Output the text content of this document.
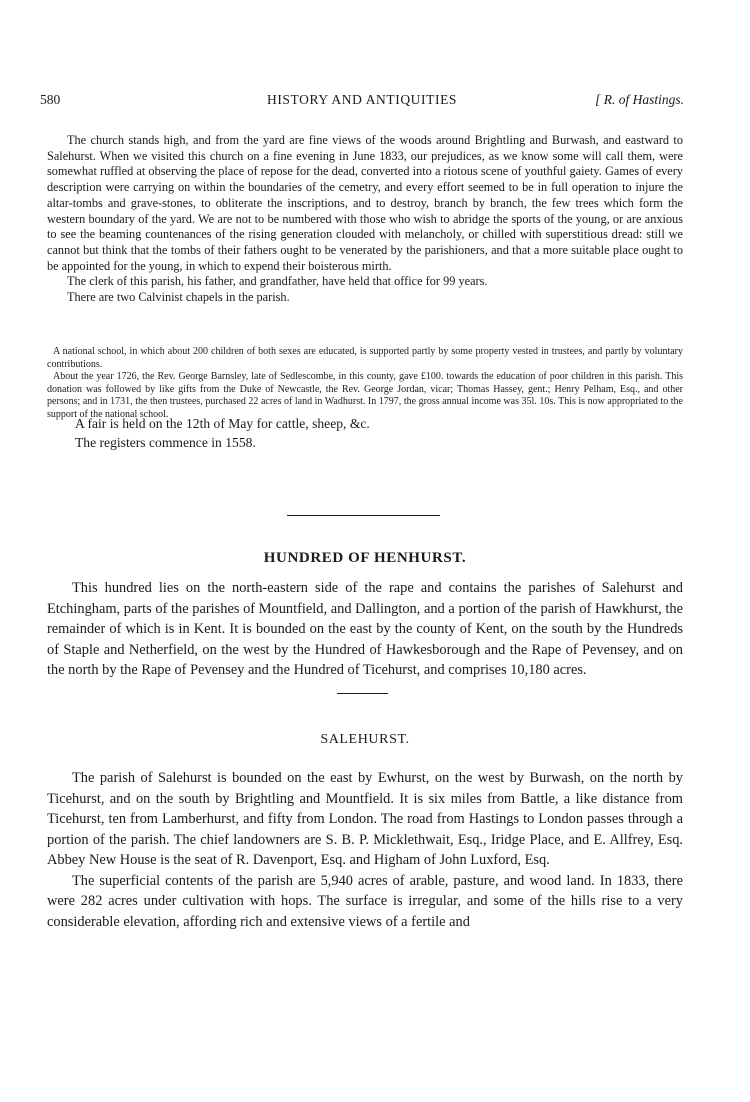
580	HISTORY AND ANTIQUITIES	[ R. of Hastings.

The church stands high, and from the yard are fine views of the woods around Brightling and Burwash, and eastward to Salehurst. When we visited this church on a fine evening in June 1833, our prejudices, as we know some will call them, were somewhat ruffled at observing the place of repose for the dead, converted into a riotous scene of youthful gaiety. Games of every description were carrying on within the boundaries of the cemetry, and every effort seemed to be in full operation to injure the altar-tombs and grave-stones, to obliterate the inscriptions, and to destroy, branch by branch, the few trees which form the western boundary of the yard. We are not to be numbered with those who wish to abridge the sports of the young, or are anxious to see the beaming countenances of the rising generation clouded with melancholy, or chilled with superstitious dread: still we cannot but think that the tombs of their fathers ought to be venerated by the parishioners, and that a more suitable place ought to be appointed for the young, in which to expend their boisterous mirth.

The clerk of this parish, his father, and grandfather, have held that office for 99 years.

There are two Calvinist chapels in the parish.

A national school, in which about 200 children of both sexes are educated, is supported partly by some property vested in trustees, and partly by voluntary contributions.

About the year 1726, the Rev. George Barnsley, late of Sedlescombe, in this county, gave £100. towards the education of poor children in this parish. This donation was followed by like gifts from the Duke of Newcastle, the Rev. George Jordan, vicar; Thomas Hassey, gent.; Henry Pelham, Esq., and other persons; and in 1731, the then trustees, purchased 22 acres of land in Wadhurst. In 1797, the gross annual income was 35l. 10s. This is now appropriated to the support of the national school.

A fair is held on the 12th of May for cattle, sheep, &c.

The registers commence in 1558.

HUNDRED OF HENHURST.

This hundred lies on the north-eastern side of the rape and contains the parishes of Salehurst and Etchingham, parts of the parishes of Mountfield, and Dallington, and a portion of the parish of Hawkhurst, the remainder of which is in Kent. It is bounded on the east by the county of Kent, on the south by the Hundreds of Staple and Netherfield, on the west by the Hundred of Hawkesborough and the Rape of Pevensey, and on the north by the Rape of Pevensey and the Hundred of Ticehurst, and comprises 10,180 acres.

SALEHURST.

The parish of Salehurst is bounded on the east by Ewhurst, on the west by Burwash, on the north by Ticehurst, and on the south by Brightling and Mountfield. It is six miles from Battle, a like distance from Ticehurst, ten from Lamberhurst, and fifty from London. The road from Hastings to London passes through a portion of the parish. The chief landowners are S. B. P. Micklethwait, Esq., Iridge Place, and E. Allfrey, Esq. Abbey New House is the seat of R. Davenport, Esq. and Higham of John Luxford, Esq.

The superficial contents of the parish are 5,940 acres of arable, pasture, and wood land. In 1833, there were 282 acres under cultivation with hops. The surface is irregular, and some of the hills rise to a very considerable elevation, affording rich and extensive views of a fertile and
